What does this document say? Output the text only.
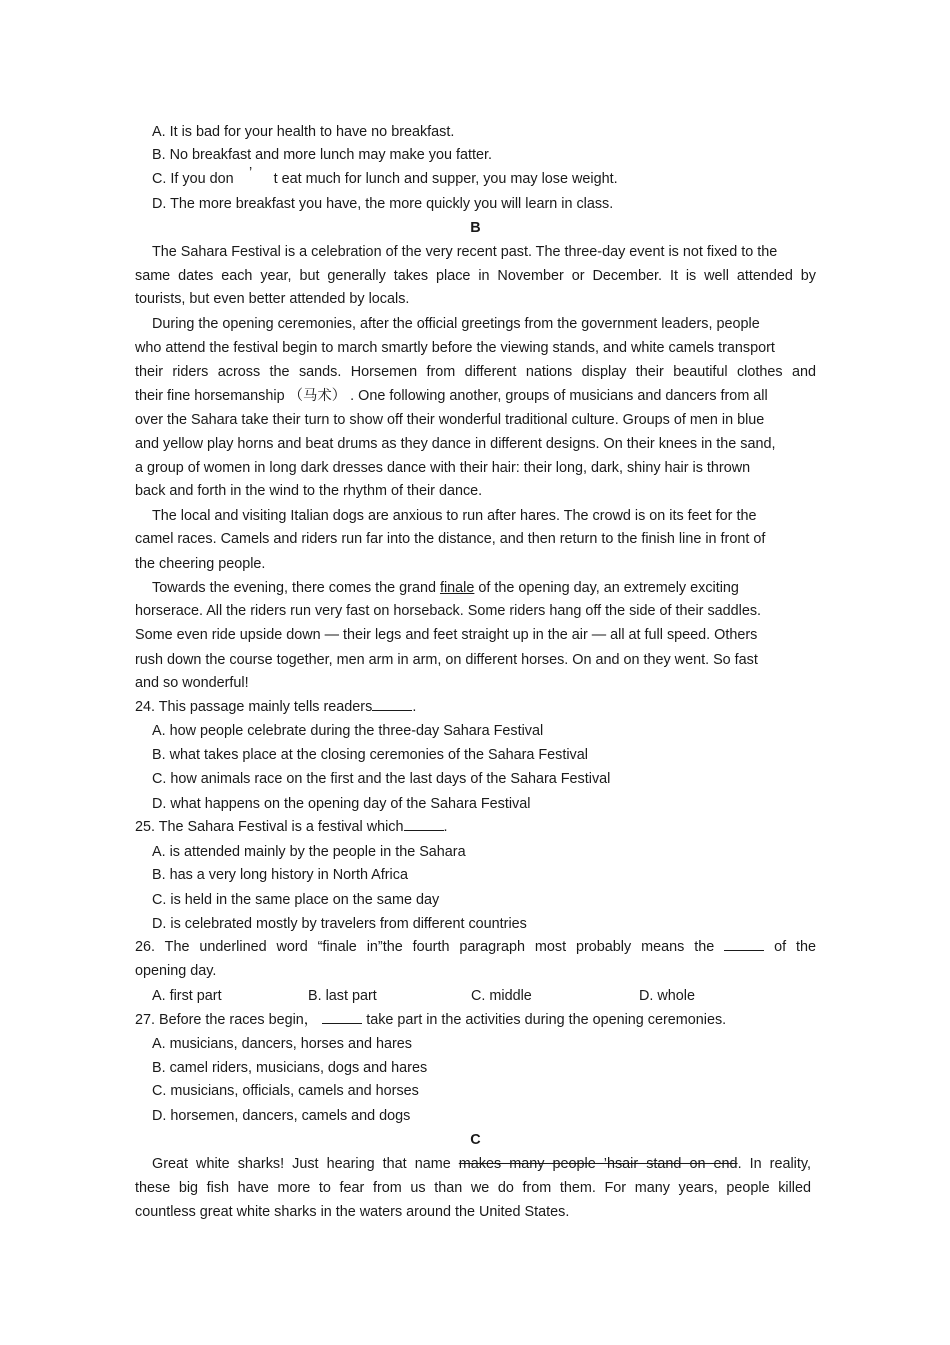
A. It is bad for your health to have no breakfast.
B. No breakfast and more lunch may make you fatter.
C. If you don ’ t eat much for lunch and supper, you may lose weight.
D. The more breakfast you have, the more quickly you will learn in class.
B
The Sahara Festival is a celebration of the very recent past. The three-day event is not fixed to the
same dates each year, but generally takes place in November or December. It is well attended by
tourists, but even better attended by locals.
During the opening ceremonies, after the official greetings from the government leaders, people
who attend the festival begin to march smartly before the viewing stands, and white camels transport
their riders across the sands. Horsemen from different nations display their beautiful clothes and
their fine horsemanship （马术） . One following another, groups of musicians and dancers from all
over the Sahara take their turn to show off their wonderful traditional culture. Groups of men in blue
and yellow play horns and beat drums as they dance in different designs. On their knees in the sand,
a group of women in long dark dresses dance with their hair: their long, dark, shiny hair is thrown
back and forth in the wind to the rhythm of their dance.
The local and visiting Italian dogs are anxious to run after hares. The crowd is on its feet for the
camel races. Camels and riders run far into the distance, and then return to the finish line in front of
the cheering people.
Towards the evening, there comes the grand finale of the opening day, an extremely exciting
horserace. All the riders run very fast on horseback. Some riders hang off the side of their saddles.
Some even ride upside down — their legs and feet straight up in the air — all at full speed. Others
rush down the course together, men arm in arm, on different horses. On and on they went. So fast
and so wonderful!
24. This passage mainly tells readers	.
A. how people celebrate during the three-day Sahara Festival
B. what takes place at the closing ceremonies of the Sahara Festival
C. how animals race on the first and the last days of the Sahara Festival
D. what happens on the opening day of the Sahara Festival
25. The Sahara Festival is a festival which	.
A. is attended mainly by the people in the Sahara
B. has a very long history in North Africa
C. is held in the same place on the same day
D. is celebrated mostly by travelers from different countries
26. The underlined word “finale in”the fourth paragraph most probably means the	of the
opening day.
A. first part	B. last part	C. middle	D. whole
27. Before the races begin，	take part in the activities during the opening ceremonies.
A. musicians, dancers, horses and hares
B. camel riders, musicians, dogs and hares
C. musicians, officials, camels and horses
D. horsemen, dancers, camels and dogs
C
Great white sharks! Just hearing that name makes many people ’hsair stand on end. In reality,
these big fish have more to fear from us than we do from them. For many years, people killed
countless great white sharks in the waters around the United States.
